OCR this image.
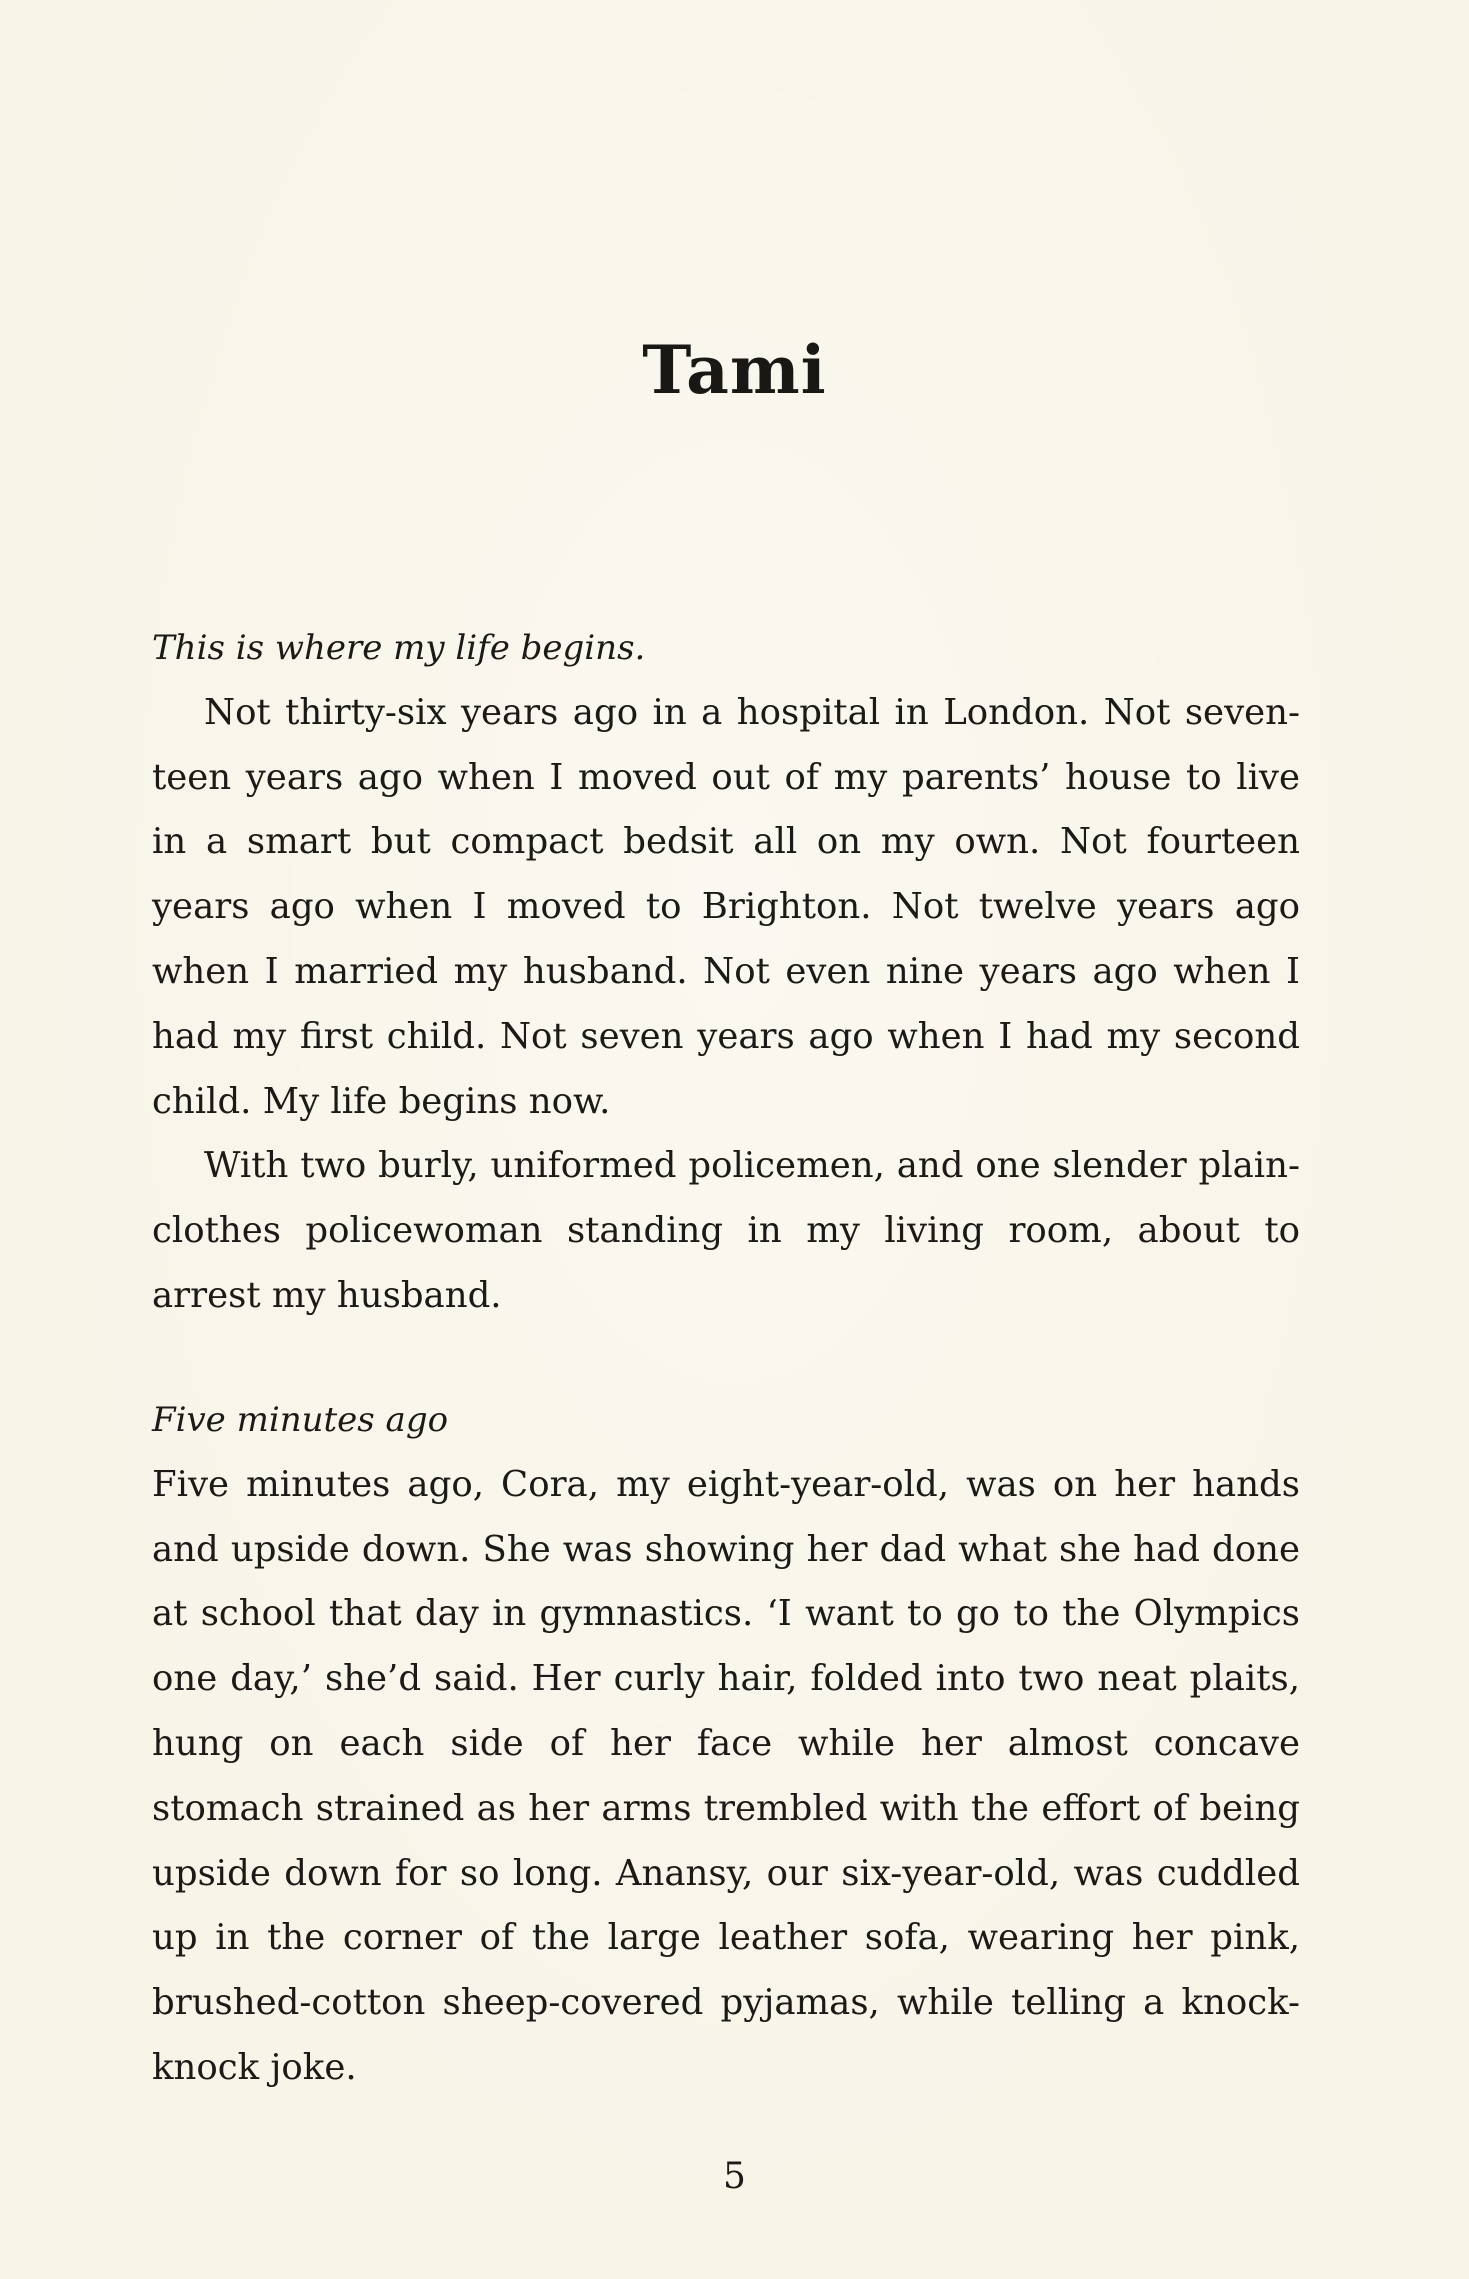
Tami

This is where my life begins.

Not thirty-six years ago in a hospital in London. Not seventeen years ago when I moved out of my parents’ house to live in a smart but compact bedsit all on my own. Not fourteen years ago when I moved to Brighton. Not twelve years ago when I married my husband. Not even nine years ago when I had my first child. Not seven years ago when I had my second child. My life begins now.

With two burly, uniformed policemen, and one slender plain-clothes policewoman standing in my living room, about to arrest my husband.

Five minutes ago

Five minutes ago, Cora, my eight-year-old, was on her hands and upside down. She was showing her dad what she had done at school that day in gymnastics. ‘I want to go to the Olympics one day,’ she’d said. Her curly hair, folded into two neat plaits, hung on each side of her face while her almost concave stomach strained as her arms trembled with the effort of being upside down for so long. Anansy, our six-year-old, was cuddled up in the corner of the large leather sofa, wearing her pink, brushed-cotton sheep-covered pyjamas, while telling a knock-knock joke.

5
